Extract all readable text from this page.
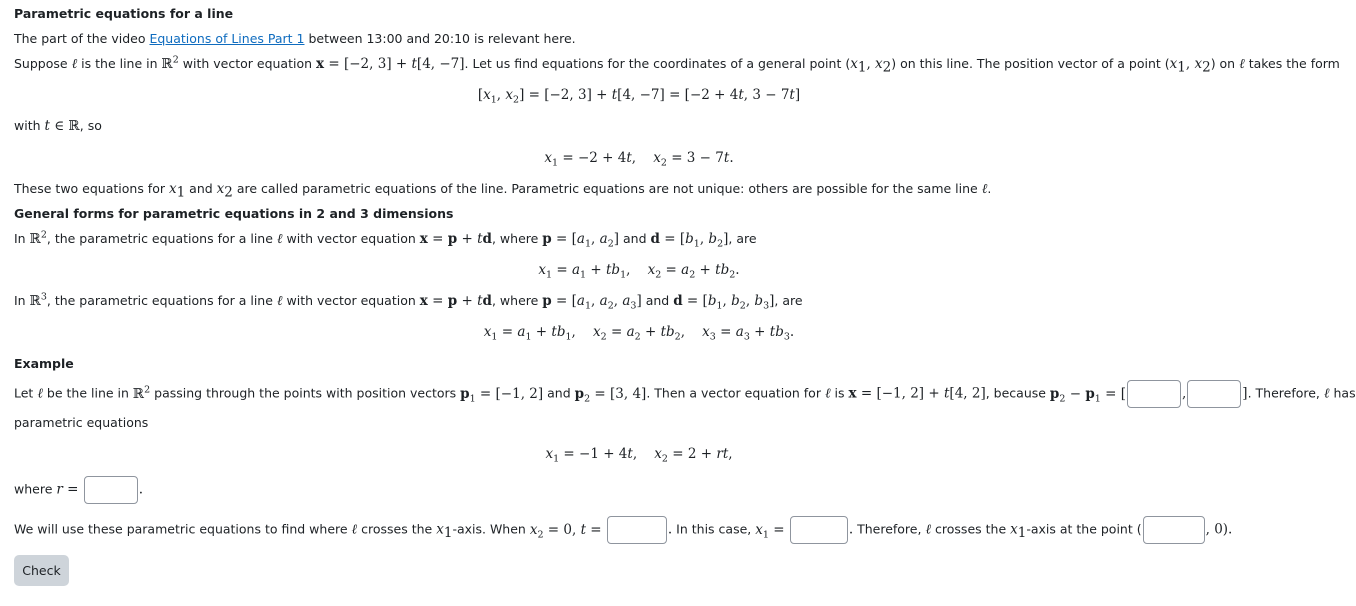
Parametric equations for a line
The part of the video Equations of Lines Part 1 between 13:00 and 20:10 is relevant here.
Suppose ℓ is the line in ℝ$^2$ with vector equation x = [−2, 3] + t[4, −7]. Let us find equations for the coordinates of a general point ($x_1$, $x_2$) on this line. The position vector of a point ($x_1$, $x_2$) on ℓ takes the form
[$x_1$, $x_2] = [-2$, 3] + t[4, −7] = [−2 + 4t, 3 − 7t]
with t ∈ ℝ, so
$x_1 = -2 + 4t$, $x_2 = 3 - 7t$.
These two equations for $x_1$ and $x_2$ are called parametric equations of the line. Parametric equations are not unique: others are possible for the same line ℓ.
General forms for parametric equations in 2 and 3 dimensions
In ℝ$^2$, the parametric equations for a line ℓ with vector equation x = p + td, where $p = [a_1$, $a_2$] and $d = [b_1$, $b_2$], are
$x_1 = a_1 + tb_1$,    $x_2 = a_2 + tb_2$.
In ℝ$^3$, the parametric equations for a line ℓ with vector equation x = p + td, where $p = [a_1$, $a_2$, $a_3$] and $d = [b_1$, $b_2$, $b_3$], are
$x_1 = a_1 + tb_1$,    $x_2 = a_2 + tb_2$,    $x_3 = a_3 + tb_3$.
Example
Let ℓ be the line in ℝ$^2$ passing through the points with position vectors $p_1 = [-1$, 2] and $p_2 = [3$, 4]. Then a vector equation for ℓ is x = [−1, 2] + t[4, 2], because $p_2 - p_1$ = [	,	]. Therefore, ℓ has
parametric equations
$x_1 = -1 + 4t$,    $x_2 = 2$ + rt,
where r =	.
We will use these parametric equations to find where ℓ crosses the $x_1$-axis. When $x_2 = 0$, t =	. In this case, $x_1$ =	. Therefore, ℓ crosses the $x_1$-axis at the point (	, 0).
Check
